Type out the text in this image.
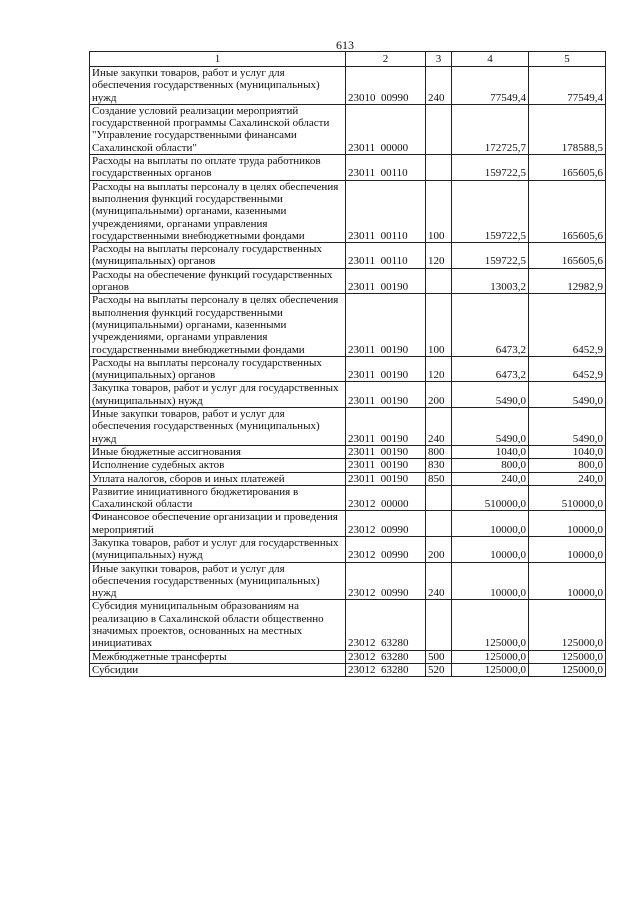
613
1	2	3	4	5
Иные закупки товаров, работ и услуг для обеспечения государственных (муниципальных) нужд	23010  00990	240	77549,4	77549,4
Создание условий реализации мероприятий государственной программы Сахалинской области "Управление государственными финансами Сахалинской области"	23011  00000		172725,7	178588,5
Расходы на выплаты по оплате труда работников государственных органов	23011  00110		159722,5	165605,6
Расходы на выплаты персоналу в целях обеспечения выполнения функций государственными (муниципальными) органами, казенными учреждениями, органами управления государственными внебюджетными фондами	23011  00110	100	159722,5	165605,6
Расходы на выплаты персоналу государственных (муниципальных) органов	23011  00110	120	159722,5	165605,6
Расходы на обеспечение функций государственных органов	23011  00190		13003,2	12982,9
Расходы на выплаты персоналу в целях обеспечения выполнения функций государственными (муниципальными) органами, казенными учреждениями, органами управления государственными внебюджетными фондами	23011  00190	100	6473,2	6452,9
Расходы на выплаты персоналу государственных (муниципальных) органов	23011  00190	120	6473,2	6452,9
Закупка товаров, работ и услуг для государственных (муниципальных) нужд	23011  00190	200	5490,0	5490,0
Иные закупки товаров, работ и услуг для обеспечения государственных (муниципальных) нужд	23011  00190	240	5490,0	5490,0
Иные бюджетные ассигнования	23011  00190	800	1040,0	1040,0
Исполнение судебных актов	23011  00190	830	800,0	800,0
Уплата налогов, сборов и иных платежей	23011  00190	850	240,0	240,0
Развитие инициативного бюджетирования в Сахалинской области	23012  00000		510000,0	510000,0
Финансовое обеспечение организации и проведения мероприятий	23012  00990		10000,0	10000,0
Закупка товаров, работ и услуг для государственных (муниципальных) нужд	23012  00990	200	10000,0	10000,0
Иные закупки товаров, работ и услуг для обеспечения государственных (муниципальных) нужд	23012  00990	240	10000,0	10000,0
Субсидия муниципальным образованиям на реализацию в Сахалинской области общественно значимых проектов, основанных на местных инициативах	23012  63280		125000,0	125000,0
Межбюджетные трансферты	23012  63280	500	125000,0	125000,0
Субсидии	23012  63280	520	125000,0	125000,0
